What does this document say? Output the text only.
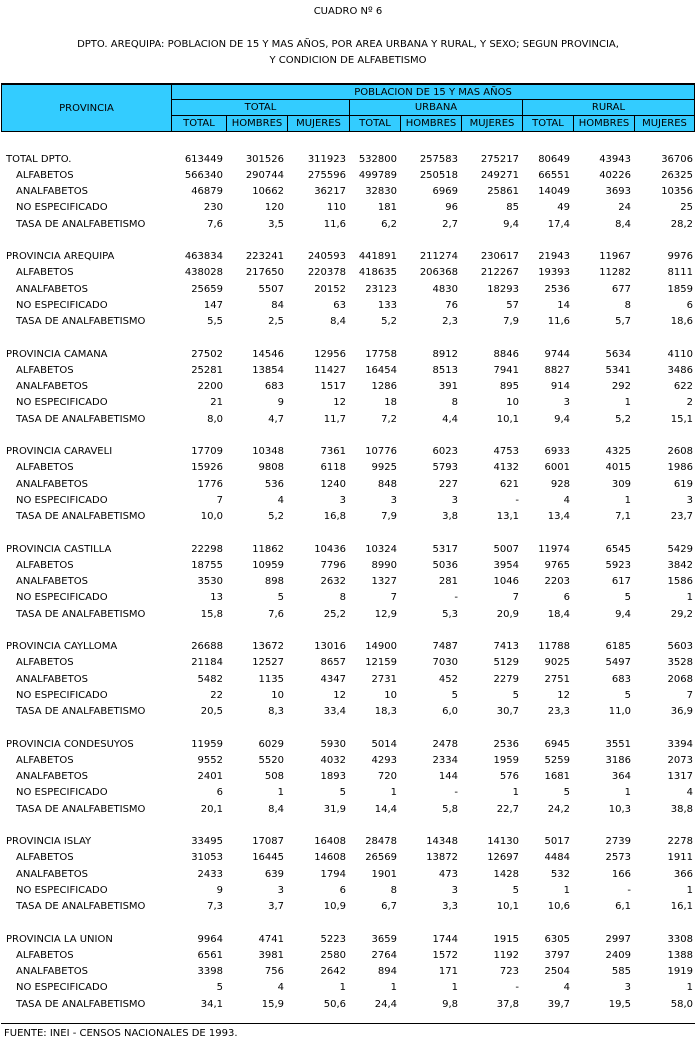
CUADRO Nº 6
DPTO. AREQUIPA: POBLACION DE 15 Y MAS AÑOS, POR AREA URBANA Y RURAL, Y SEXO; SEGUN PROVINCIA,
Y CONDICION DE ALFABETISMO
PROVINCIA
POBLACION DE 15 Y MAS AÑOS
TOTAL	URBANA	RURAL
TOTAL	HOMBRES	MUJERES	TOTAL	HOMBRES	MUJERES	TOTAL	HOMBRES	MUJERES
TOTAL DPTO.	613449	301526	311923	532800	257583	275217	80649	43943	36706
ALFABETOS	566340	290744	275596	499789	250518	249271	66551	40226	26325
ANALFABETOS	46879	10662	36217	32830	6969	25861	14049	3693	10356
NO ESPECIFICADO	230	120	110	181	96	85	49	24	25
TASA DE ANALFABETISMO	7,6	3,5	11,6	6,2	2,7	9,4	17,4	8,4	28,2

PROVINCIA AREQUIPA	463834	223241	240593	441891	211274	230617	21943	11967	9976
ALFABETOS	438028	217650	220378	418635	206368	212267	19393	11282	8111
ANALFABETOS	25659	5507	20152	23123	4830	18293	2536	677	1859
NO ESPECIFICADO	147	84	63	133	76	57	14	8	6
TASA DE ANALFABETISMO	5,5	2,5	8,4	5,2	2,3	7,9	11,6	5,7	18,6

PROVINCIA CAMANA	27502	14546	12956	17758	8912	8846	9744	5634	4110
ALFABETOS	25281	13854	11427	16454	8513	7941	8827	5341	3486
ANALFABETOS	2200	683	1517	1286	391	895	914	292	622
NO ESPECIFICADO	21	9	12	18	8	10	3	1	2
TASA DE ANALFABETISMO	8,0	4,7	11,7	7,2	4,4	10,1	9,4	5,2	15,1

PROVINCIA CARAVELI	17709	10348	7361	10776	6023	4753	6933	4325	2608
ALFABETOS	15926	9808	6118	9925	5793	4132	6001	4015	1986
ANALFABETOS	1776	536	1240	848	227	621	928	309	619
NO ESPECIFICADO	7	4	3	3	3	-	4	1	3
TASA DE ANALFABETISMO	10,0	5,2	16,8	7,9	3,8	13,1	13,4	7,1	23,7

PROVINCIA CASTILLA	22298	11862	10436	10324	5317	5007	11974	6545	5429
ALFABETOS	18755	10959	7796	8990	5036	3954	9765	5923	3842
ANALFABETOS	3530	898	2632	1327	281	1046	2203	617	1586
NO ESPECIFICADO	13	5	8	7	-	7	6	5	1
TASA DE ANALFABETISMO	15,8	7,6	25,2	12,9	5,3	20,9	18,4	9,4	29,2

PROVINCIA CAYLLOMA	26688	13672	13016	14900	7487	7413	11788	6185	5603
ALFABETOS	21184	12527	8657	12159	7030	5129	9025	5497	3528
ANALFABETOS	5482	1135	4347	2731	452	2279	2751	683	2068
NO ESPECIFICADO	22	10	12	10	5	5	12	5	7
TASA DE ANALFABETISMO	20,5	8,3	33,4	18,3	6,0	30,7	23,3	11,0	36,9

PROVINCIA CONDESUYOS	11959	6029	5930	5014	2478	2536	6945	3551	3394
ALFABETOS	9552	5520	4032	4293	2334	1959	5259	3186	2073
ANALFABETOS	2401	508	1893	720	144	576	1681	364	1317
NO ESPECIFICADO	6	1	5	1	-	1	5	1	4
TASA DE ANALFABETISMO	20,1	8,4	31,9	14,4	5,8	22,7	24,2	10,3	38,8

PROVINCIA ISLAY	33495	17087	16408	28478	14348	14130	5017	2739	2278
ALFABETOS	31053	16445	14608	26569	13872	12697	4484	2573	1911
ANALFABETOS	2433	639	1794	1901	473	1428	532	166	366
NO ESPECIFICADO	9	3	6	8	3	5	1	-	1
TASA DE ANALFABETISMO	7,3	3,7	10,9	6,7	3,3	10,1	10,6	6,1	16,1

PROVINCIA LA UNION	9964	4741	5223	3659	1744	1915	6305	2997	3308
ALFABETOS	6561	3981	2580	2764	1572	1192	3797	2409	1388
ANALFABETOS	3398	756	2642	894	171	723	2504	585	1919
NO ESPECIFICADO	5	4	1	1	1	-	4	3	1
TASA DE ANALFABETISMO	34,1	15,9	50,6	24,4	9,8	37,8	39,7	19,5	58,0
FUENTE: INEI - CENSOS NACIONALES DE 1993.
